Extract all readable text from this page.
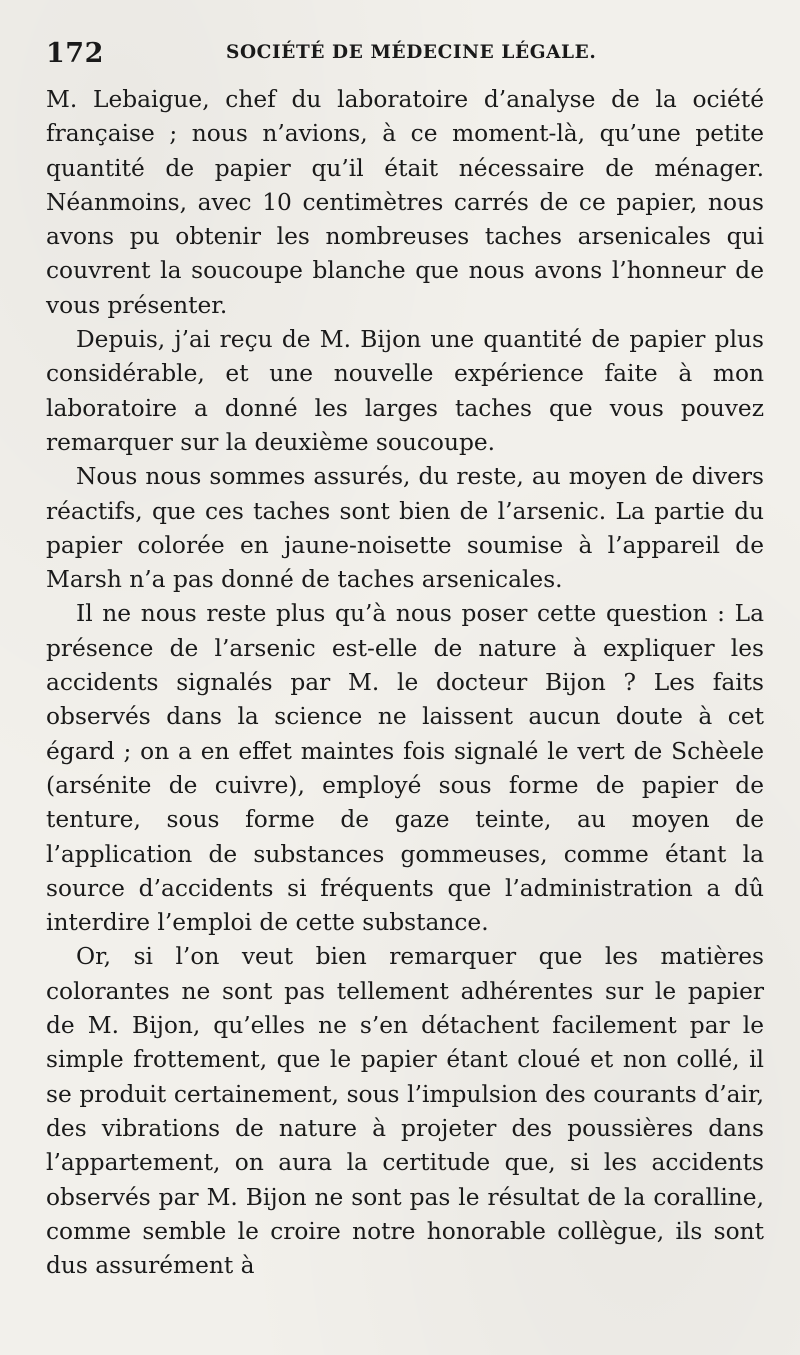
172	SOCIÉTÉ DE MÉDECINE LÉGALE.

M. Lebaigue, chef du laboratoire d’analyse de la ociété française ; nous n’avions, à ce moment-là, qu’une petite quantité de papier qu’il était nécessaire de ménager. Néanmoins, avec 10 centimètres carrés de ce papier, nous avons pu obtenir les nombreuses taches arsenicales qui couvrent la soucoupe blanche que nous avons l’honneur de vous présenter.

Depuis, j’ai reçu de M. Bijon une quantité de papier plus considérable, et une nouvelle expérience faite à mon laboratoire a donné les larges taches que vous pouvez remarquer sur la deuxième soucoupe.

Nous nous sommes assurés, du reste, au moyen de divers réactifs, que ces taches sont bien de l’arsenic. La partie du papier colorée en jaune-noisette soumise à l’appareil de Marsh n’a pas donné de taches arsenicales.

Il ne nous reste plus qu’à nous poser cette question : La présence de l’arsenic est-elle de nature à expliquer les accidents signalés par M. le docteur Bijon ? Les faits observés dans la science ne laissent aucun doute à cet égard ; on a en effet maintes fois signalé le vert de Schèele (arsénite de cuivre), employé sous forme de papier de tenture, sous forme de gaze teinte, au moyen de l’application de substances gommeuses, comme étant la source d’accidents si fréquents que l’administration a dû interdire l’emploi de cette substance.

Or, si l’on veut bien remarquer que les matières colorantes ne sont pas tellement adhérentes sur le papier de M. Bijon, qu’elles ne s’en détachent facilement par le simple frottement, que le papier étant cloué et non collé, il se produit certainement, sous l’impulsion des courants d’air, des vibrations de nature à projeter des poussières dans l’appartement, on aura la certitude que, si les accidents observés par M. Bijon ne sont pas le résultat de la coralline, comme semble le croire notre honorable collègue, ils sont dus assurément à
